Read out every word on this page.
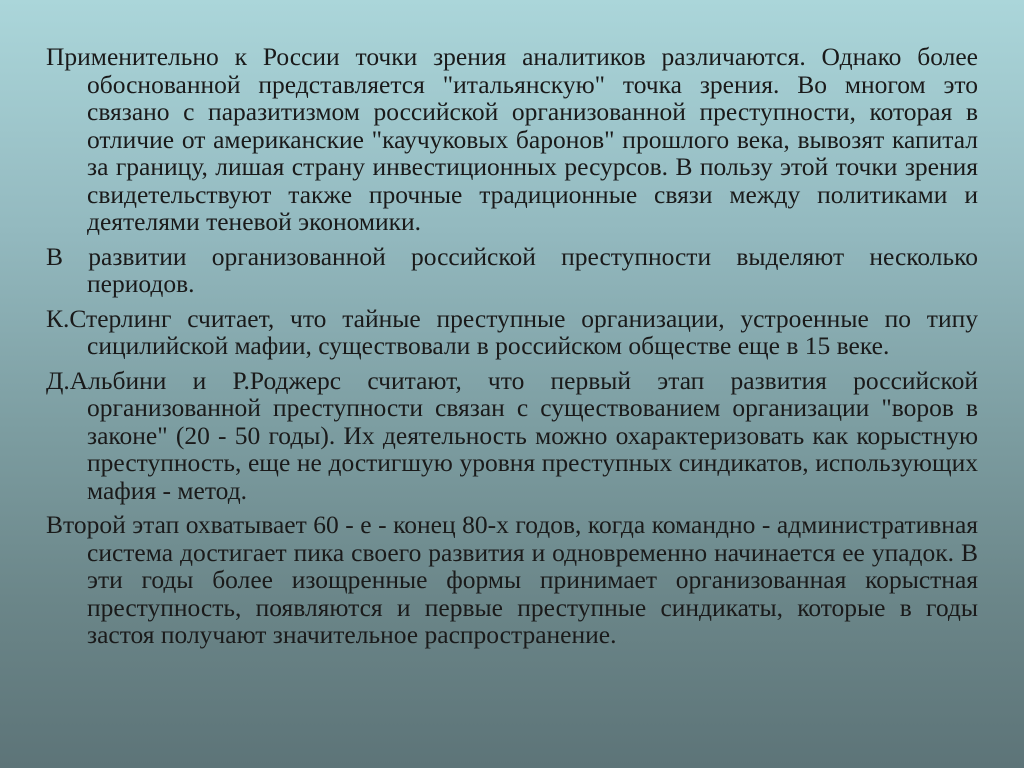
Применительно к России точки зрения аналитиков различаются. Однако более обоснованной представляется "итальянскую" точка зрения. Во многом это связано с паразитизмом российской организованной преступности, которая в отличие от американские "каучуковых баронов" прошлого века, вывозят капитал за границу, лишая страну инвестиционных ресурсов. В пользу этой точки зрения свидетельствуют также прочные традиционные связи между политиками и деятелями теневой экономики.

В развитии организованной российской преступности выделяют несколько периодов.

К.Стерлинг считает, что тайные преступные организации, устроенные по типу сицилийской мафии, существовали в российском обществе еще в 15 веке.

Д.Альбини и Р.Роджерс считают, что первый этап развития российской организованной преступности связан с существованием организации "воров в законе" (20 - 50 годы). Их деятельность можно охарактеризовать как корыстную преступность, еще не достигшую уровня преступных синдикатов, использующих мафия - метод.

Второй этап охватывает 60 - е - конец 80-х годов, когда командно - административная система достигает пика своего развития и одновременно начинается ее упадок. В эти годы более изощренные формы принимает организованная корыстная преступность, появляются и первые преступные синдикаты, которые в годы застоя получают значительное распространение.
